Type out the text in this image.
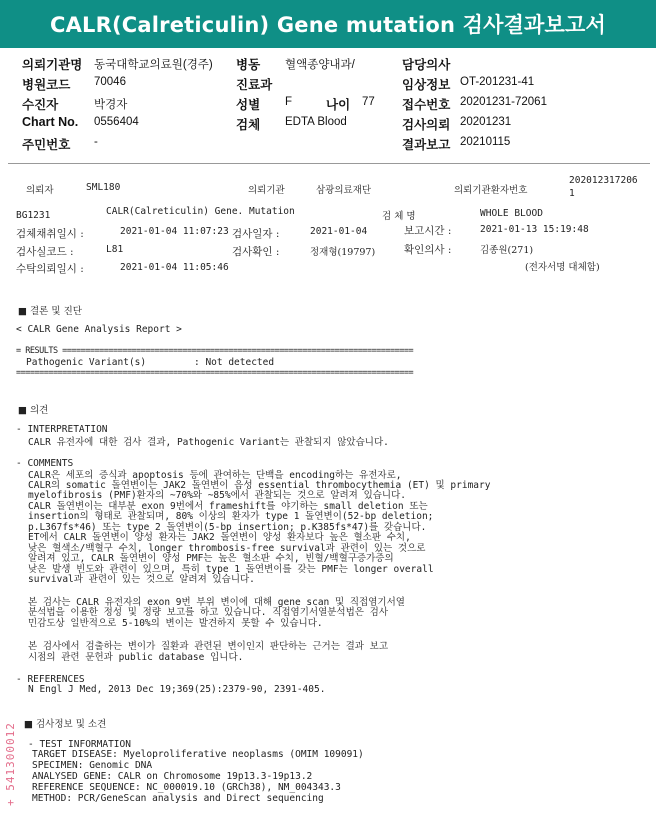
CALR(Calreticulin) Gene mutation 검사결과보고서
의뢰기관명 동국대학교의료원(경주) 병동 혈액종양내과/	담당의사
병원코드 70046	진료과	임상정보 OT-201231-41
수진자	박경자	성별 F	나이 77 접수번호 20201231-72061
Chart No. 0556404	검체 EDTA Blood	검사의뢰 20201231
주민번호 -	결과보고 20210115
의뢰자	SML180	의뢰기관	삼광의료재단	의뢰기관환자번호
202012317206
1
BG1231	CALR(Calreticulin) Gene. Mutation	검 체 명	WHOLE BLOOD
검체채취일시 :	2021-01-04 11:07:23 검사일자 :	2021-01-04	보고시간 :	2021-01-13 15:19:48
검사실코드 :	L81	검사확인 :	정재형(19797)	확인의사 :	김종원(271)
수탁의뢰일시 :	2021-01-04 11:05:46	(전자서명 대체함)
■ 결론 및 진단
< CALR Gene Analysis Report >
= RESULTS ============================================================================
Pathogenic Variant(s)	: Not detected
======================================================================================
■ 의견
- INTERPRETATION
CALR 유전자에 대한 검사 결과, Pathogenic Variant는 관찰되지 않았습니다.
- COMMENTS
CALR은 세포의 증식과 apoptosis 등에 관여하는 단백을 encoding하는 유전자로,
CALR의 somatic 돌연변이는 JAK2 돌연변이 음성 essential thrombocythemia (ET) 및 primary
myelofibrosis (PMF)환자의 ~70%와 ~85%에서 관찰되는 것으로 알려져 있습니다.
CALR 돌연변이는 대부분 exon 9번에서 frameshift를 야기하는 small deletion 또는
insertion의 형태로 관찰되며, 80% 이상의 환자가 type 1 돌연변이(52-bp deletion;
p.L367fs*46) 또는 type 2 돌연변이(5-bp insertion; p.K385fs*47)를 갖습니다.
ET에서 CALR 돌연변이 양성 환자는 JAK2 돌연변이 양성 환자보다 높은 혈소판 수치,
낮은 혈색소/백혈구 수치, longer thrombosis-free survival과 관련이 있는 것으로
알려져 있고, CALR 돌연변이 양성 PMF는 높은 혈소판 수치, 빈혈/백혈구증가증의
낮은 발생 빈도와 관련이 있으며, 특히 type 1 돌연변이를 갖는 PMF는 longer overall
survival과 관련이 있는 것으로 알려져 있습니다.
본 검사는 CALR 유전자의 exon 9번 부위 변이에 대해 gene scan 및 직접염기서열
분석법을 이용한 정성 및 정량 보고를 하고 있습니다. 직접염기서열분석법은 검사
민감도상 일반적으로 5-10%의 변이는 발견하지 못할 수 있습니다.
본 검사에서 검출하는 변이가 질환과 관련된 변이인지 판단하는 근거는 결과 보고
시점의 관련 문헌과 public database 입니다.
- REFERENCES
N Engl J Med, 2013 Dec 19;369(25):2379-90, 2391-405.
■ 검사정보 및 소견
- TEST INFORMATION
TARGET DISEASE: Myeloproliferative neoplasms (OMIM 109091)
SPECIMEN: Genomic DNA
ANALYSED GENE: CALR on Chromosome 19p13.3-19p13.2
REFERENCE SEQUENCE: NC_000019.10 (GRCh38), NM_004343.3
METHOD: PCR/GeneScan analysis and Direct sequencing
+ 541300012
